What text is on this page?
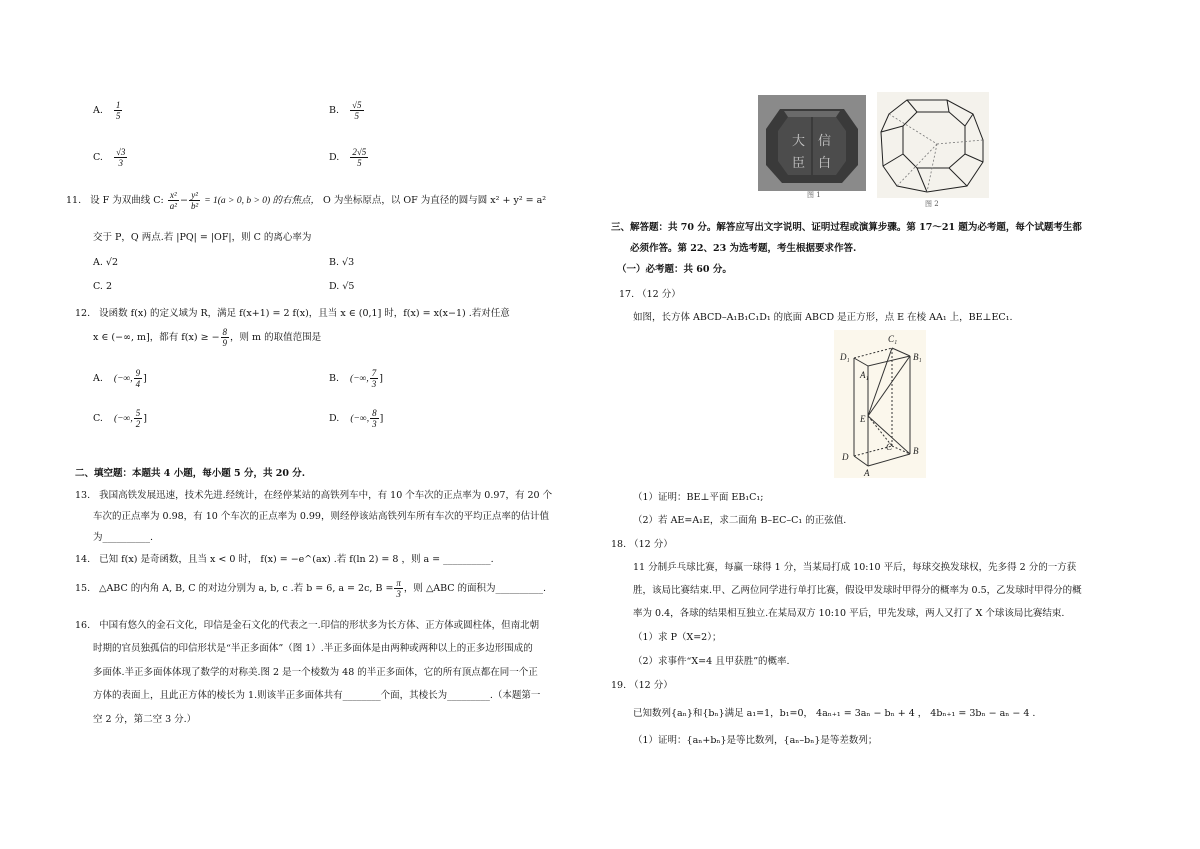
A. $\frac{1}{5}$	B. $\frac{√5}{5}$
C. $\frac{√3}{3}$	D. $\frac{2√5}{5}$
11. 设 F 为双曲线 C: $\frac{\text{x²}}{\text{a²}} - \frac{\text{y²}}{\text{b²}} = 1(a > 0$, b > 0) 的右焦点， O 为坐标原点，以 OF 为直径的圆与圆 x² + y² = a²
交于 P，Q 两点.若 |PQ| = |OF|，则 C 的离心率为
A. √2	B. √3
C. 2	D. √5
12. 设函数 f(x) 的定义域为 R，满足 f(x+1) = 2 f(x)，且当 x ∈ (0,1] 时，f(x) = x(x−1) .若对任意
x ∈ (−∞, m]，都有 f(x) ≥ − $\frac{8}{9}$ ，则 m 的取值范围是
A. (−∞, $\frac{9}{4}$ ]	B. (−∞, $\frac{7}{3}$ ]
C. (−∞, $\frac{5}{2}$ ]	D. (−∞, $\frac{8}{3}$ ]
二、填空题：本题共 4 小题，每小题 5 分，共 20 分.
13. 我国高铁发展迅速，技术先进.经统计，在经停某站的高铁列车中，有 10 个车次的正点率为 0.97，有 20 个
车次的正点率为 0.98，有 10 个车次的正点率为 0.99，则经停该站高铁列车所有车次的平均正点率的估计值
为__________.
14. 已知 f(x) 是奇函数，且当 x < 0 时， f(x) = −e^(ax) .若 f(ln 2) = 8 ，则 a = __________.
15. △ABC 的内角 A, B, C 的对边分别为 a, b, c .若 b = 6, a = 2c, $B = \frac{\pi}{3}$ ，则 △ABC 的面积为__________.
16. 中国有悠久的金石文化，印信是金石文化的代表之一.印信的形状多为长方体、正方体或圆柱体，但南北朝
时期的官员独孤信的印信形状是“半正多面体”（图 1）.半正多面体是由两种或两种以上的正多边形围成的
多面体.半正多面体体现了数学的对称美.图 2 是一个棱数为 48 的半正多面体，它的所有顶点都在同一个正
方体的表面上，且此正方体的棱长为 1.则该半正多面体共有________个面，其棱长为_________.（本题第一
空 2 分，第二空 3 分.）
大 信
臣 白
图 1
图 2
三、解答题：共 70 分。解答应写出文字说明、证明过程或演算步骤。第 17～21 题为必考题，每个试题考生都
必须作答。第 22、23 为选考题，考生根据要求作答.
（一）必考题：共 60 分。
17. （12 分）
如图，长方体 ABCD–A₁B₁C₁D₁ 的底面 ABCD 是正方形，点 E 在棱 AA₁ 上，BE⊥EC₁.
D₁
C₁
B₁
A₁
E
C B
D
A
（1）证明：BE⊥平面 EB₁C₁;
（2）若 AE=A₁E，求二面角 B–EC–C₁ 的正弦值.
18. （12 分）
11 分制乒乓球比赛，每赢一球得 1 分，当某局打成 10:10 平后，每球交换发球权，先多得 2 分的一方获
胜，该局比赛结束.甲、乙两位同学进行单打比赛，假设甲发球时甲得分的概率为 0.5，乙发球时甲得分的概
率为 0.4，各球的结果相互独立.在某局双方 10:10 平后，甲先发球，两人又打了 X 个球该局比赛结束.
（1）求 P（X=2）；
（2）求事件“X=4 且甲获胜”的概率.
19. （12 分）
已知数列{aₙ}和{bₙ}满足 a₁=1，b₁=0， 4aₙ₊₁ = 3aₙ − bₙ + 4 ， 4bₙ₊₁ = 3bₙ − aₙ − 4 .
（1）证明：{aₙ+bₙ}是等比数列，{aₙ–bₙ}是等差数列；
